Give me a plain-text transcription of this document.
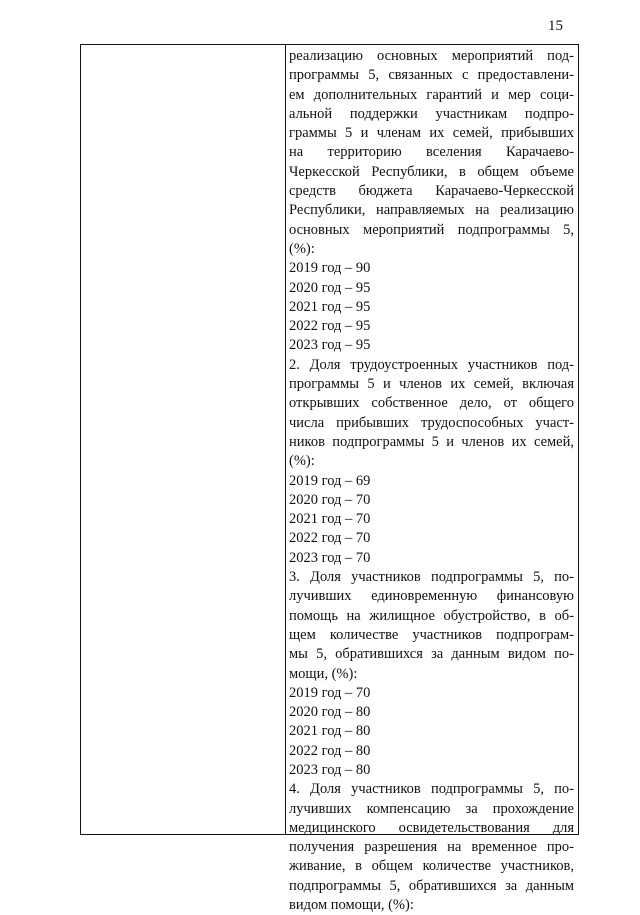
15
реализацию основных мероприятий под-
программы 5, связанных с предоставлени-
ем дополнительных гарантий и мер соци-
альной поддержки участникам подпро-
граммы 5 и членам их семей, прибывших
на территорию вселения Карачаево-
Черкесской Республики, в общем объеме
средств бюджета Карачаево-Черкесской
Республики, направляемых на реализацию
основных мероприятий подпрограммы 5,
(%):
2019 год – 90
2020 год – 95
2021 год – 95
2022 год – 95
2023 год – 95
2. Доля трудоустроенных участников под-
программы 5 и членов их семей, включая
открывших собственное дело, от общего
числа прибывших трудоспособных участ-
ников подпрограммы 5 и членов их семей,
(%):
2019 год – 69
2020 год – 70
2021 год – 70
2022 год – 70
2023 год – 70
3. Доля участников подпрограммы 5, по-
лучивших единовременную финансовую
помощь на жилищное обустройство, в об-
щем количестве участников подпрограм-
мы 5, обратившихся за данным видом по-
мощи, (%):
2019 год – 70
2020 год – 80
2021 год – 80
2022 год – 80
2023 год – 80
4. Доля участников подпрограммы 5, по-
лучивших компенсацию за прохождение
медицинского освидетельствования для
получения разрешения на временное про-
живание, в общем количестве участников,
подпрограммы 5, обратившихся за данным
видом помощи, (%):
